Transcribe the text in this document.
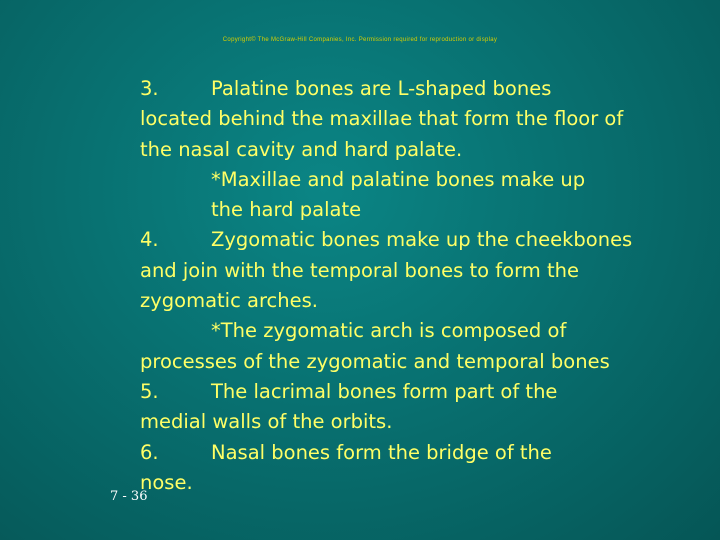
Copyright© The McGraw-Hill Companies, Inc. Permission required for reproduction or display
3.	Palatine bones are L-shaped bones
located behind the maxillae that form the floor of
the nasal cavity and hard palate.
*Maxillae and palatine bones make up
the hard palate
4.	Zygomatic bones make up the cheekbones
and join with the temporal bones to form the
zygomatic arches.
*The zygomatic arch is composed of
processes of the zygomatic and temporal bones
5.	The lacrimal bones form part of the
medial walls of the orbits.
6.	Nasal bones form the bridge of the
nose.
7 - 36
